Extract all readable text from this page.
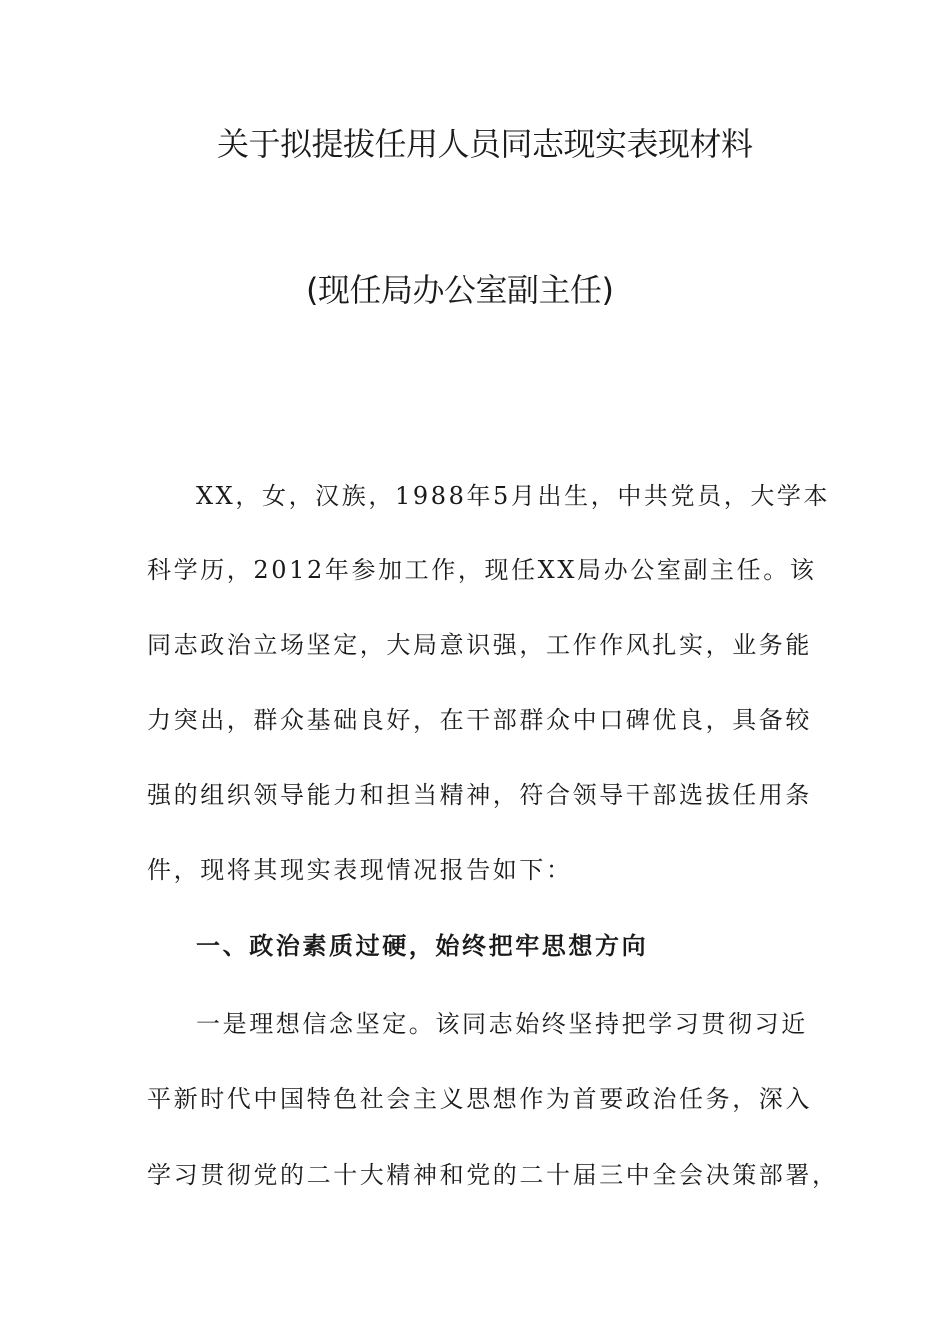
关于拟提拔任用人员同志现实表现材料
(现任局办公室副主任)
XX，女，汉族，1988年5月出生，中共党员，大学本
科学历，2012年参加工作，现任XX局办公室副主任。该
同志政治立场坚定，大局意识强，工作作风扎实，业务能
力突出，群众基础良好，在干部群众中口碑优良，具备较
强的组织领导能力和担当精神，符合领导干部选拔任用条
件，现将其现实表现情况报告如下：
一、政治素质过硬，始终把牢思想方向
一是理想信念坚定。该同志始终坚持把学习贯彻习近
平新时代中国特色社会主义思想作为首要政治任务，深入
学习贯彻党的二十大精神和党的二十届三中全会决策部署，
